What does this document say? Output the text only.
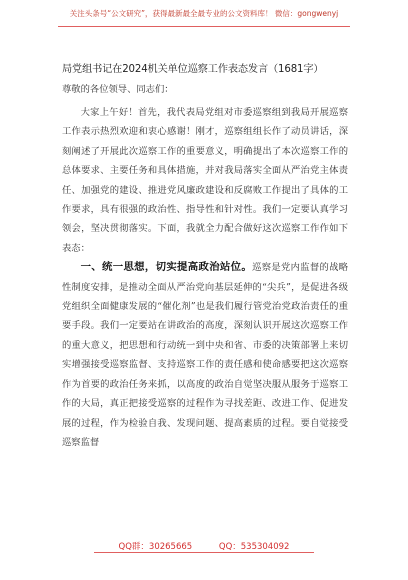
关注头条号“公文研究”，获得最新最全最专业的公文资料库！ 微信：gongwenyj
局党组书记在2024机关单位巡察工作表态发言（1681字）
尊敬的各位领导、同志们：

大家上午好！首先，我代表局党组对市委巡察组到我局开展巡察工作表示热烈欢迎和衷心感谢！刚才，巡察组组长作了动员讲话，深刻阐述了开展此次巡察工作的重要意义，明确提出了本次巡察工作的总体要求、主要任务和具体措施，并对我局落实全面从严治党主体责任、加强党的建设、推进党风廉政建设和反腐败工作提出了具体的工作要求，具有很强的政治性、指导性和针对性。我们一定要认真学习领会，坚决贯彻落实。下面，我就全力配合做好这次巡察工作作如下表态：

一、统一思想，切实提高政治站位。巡察是党内监督的战略性制度安排，是推动全面从严治党向基层延伸的“尖兵”，是促进各级党组织全面健康发展的“催化剂”也是我们履行管党治党政治责任的重要手段。我们一定要站在讲政治的高度，深刻认识开展这次巡察工作的重大意义，把思想和行动统一到中央和省、市委的决策部署上来切实增强接受巡察监督、支持巡察工作的责任感和使命感要把这次巡察作为首要的政治任务来抓，以高度的政治自觉坚决服从服务于巡察工作的大局，真正把接受巡察的过程作为寻找差距、改进工作、促进发展的过程，作为检验自我、发现问题、提高素质的过程。要自觉接受巡察监督

QQ群：30265665	QQ：535304092
